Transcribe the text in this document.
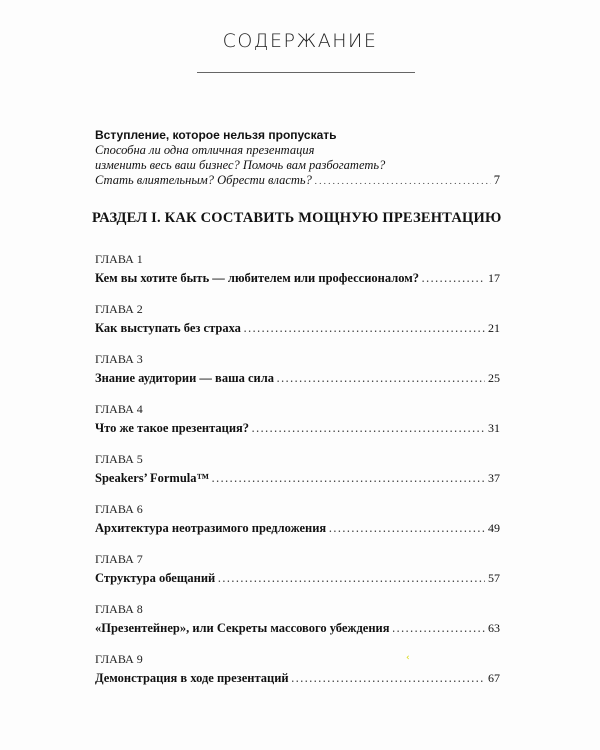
СОДЕРЖАНИЕ
Вступление, которое нельзя пропускать
Способна ли одна отличная презентация
изменить весь ваш бизнес? Помочь вам разбогатеть?
Стать влиятельным? Обрести власть? . . .	7
РАЗДЕЛ I. КАК СОСТАВИТЬ МОЩНУЮ ПРЕЗЕНТАЦИЮ
ГЛАВА 1
Кем вы хотите быть — любителем или профессионалом? . . .	17
ГЛАВА 2
Как выступать без страха . . .	21
ГЛАВА 3
Знание аудитории — ваша сила . . .	25
ГЛАВА 4
Что же такое презентация? . . .	31
ГЛАВА 5
Speakers’ Formula™ . . .	37
ГЛАВА 6
Архитектура неотразимого предложения . . .	49
ГЛАВА 7
Структура обещаний . . .	57
ГЛАВА 8
«Презентейнер», или Секреты массового убеждения . . .	63
ГЛАВА 9
Демонстрация в ходе презентаций . . .	67
‹
